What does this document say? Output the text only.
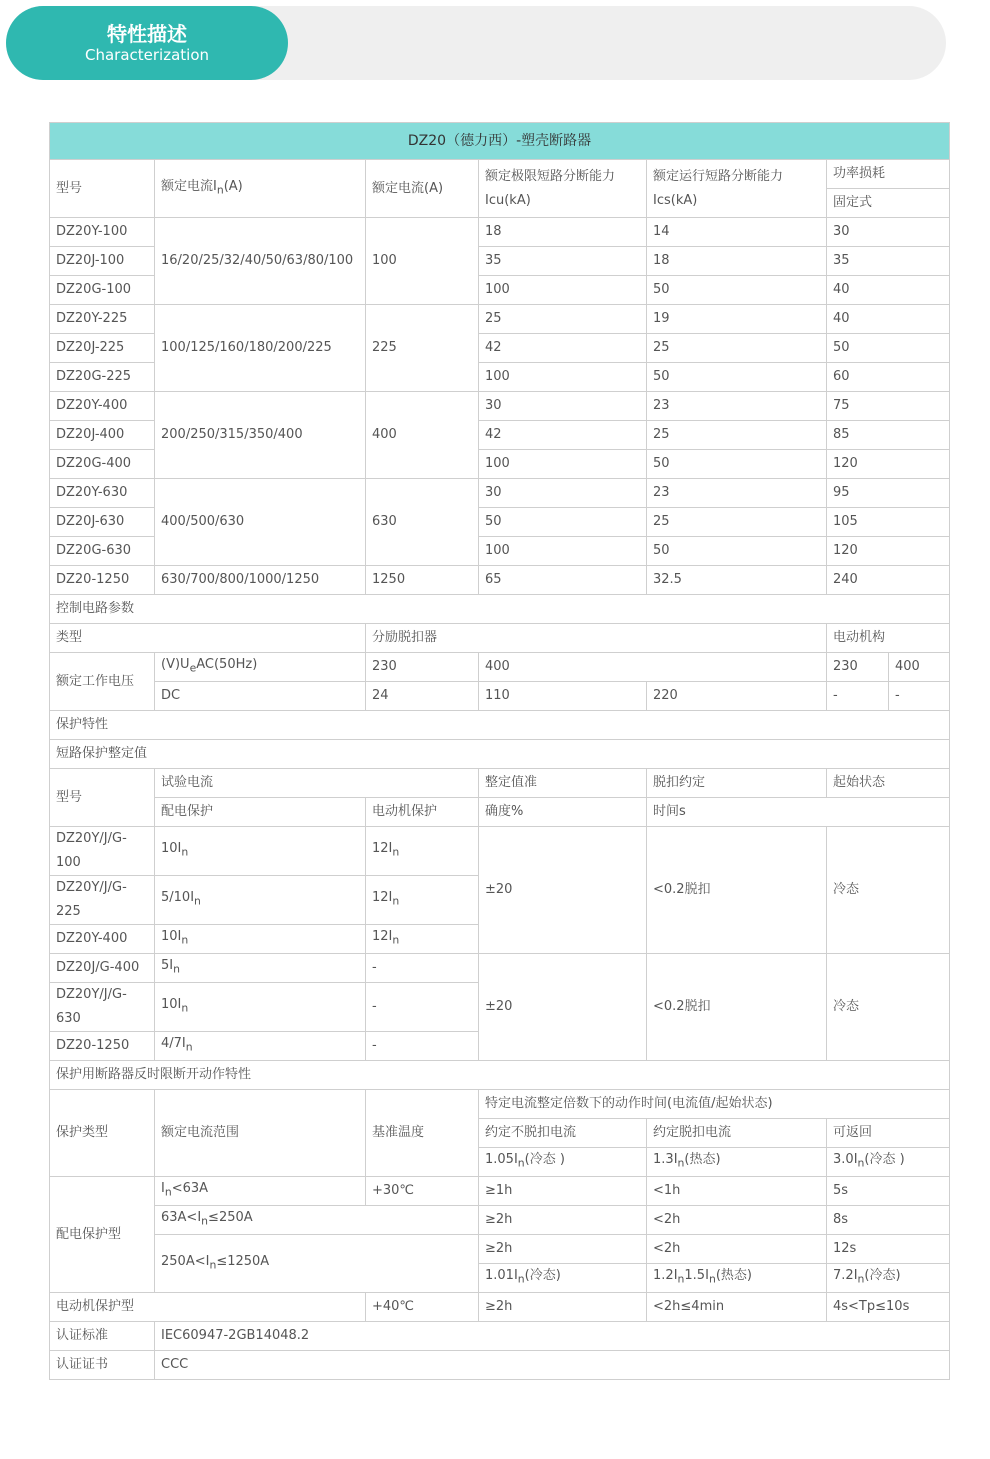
特性描述
Characterization
DZ20（德力西）-塑壳断路器						
型号	额定电流$I_n(A)$	额定电流(A)	额定极限短路分断能力Icu(kA)	额定运行短路分断能力Ics(kA)	功率损耗	
					固定式	
DZ20Y-100	16/20/25/32/40/50/63/80/100	100	18	14	30	
DZ20J-100			35	18	35	
DZ20G-100			100	50	40	
DZ20Y-225	100/125/160/180/200/225	225	25	19	40	
DZ20J-225			42	25	50	
DZ20G-225			100	50	60	
DZ20Y-400	200/250/315/350/400	400	30	23	75	
DZ20J-400			42	25	85	
DZ20G-400			100	50	120	
DZ20Y-630	400/500/630	630	30	23	95	
DZ20J-630			50	25	105	
DZ20G-630			100	50	120	
DZ20-1250	630/700/800/1000/1250	1250	65	32.5	240	
控制电路参数						
类型		分励脱扣器			电动机构	
额定工作电压	$(V)U_eAC(50Hz)$	230	400		230	400
	DC	24	110	220	-	-
保护特性						
短路保护整定值						
型号	试验电流		整定值准	脱扣约定	起始状态	
	配电保护	电动机保护	确度%	时间s		
DZ20Y/J/G-100	$10I_n$	$12I_n$	±20	<0.2脱扣	冷态	
DZ20Y/J/G-225	$5/10I_n$	$12I_n$
DZ20Y-400	$10I_n$	$12I_n$
DZ20J/G-400	$5I_n$	-	±20	<0.2脱扣	冷态	
DZ20Y/J/G-630	$10I_n$	-				
DZ20-1250	$4/7I_n$	-				
保护用断路器反时限断开动作特性						
保护类型	额定电流范围	基准温度	特定电流整定倍数下的动作时间(电流值/起始状态)			
			约定不脱扣电流	约定脱扣电流	可返回	
			$1.05I_n$(冷态 )	$1.3I_n$(热态)	$3.0I_n$(冷态 )	
配电保护型	$I_n<63A$	+30℃	≥1h	<1h	5s	
	$63A<I_n\le 250A$		≥2h	<2h	8s	
	$250A<I_n\le 1250A$		≥2h	<2h	12s	
			$1.01I_n$(冷态)	$1.2I_n1.5I_n$(热态)	$7.2I_n$(冷态)	
电动机保护型		+40℃	≥2h	<2h≤4min	4s<Tp≤10s	
认证标准	IEC60947-2GB14048.2					
认证证书	CCC					
